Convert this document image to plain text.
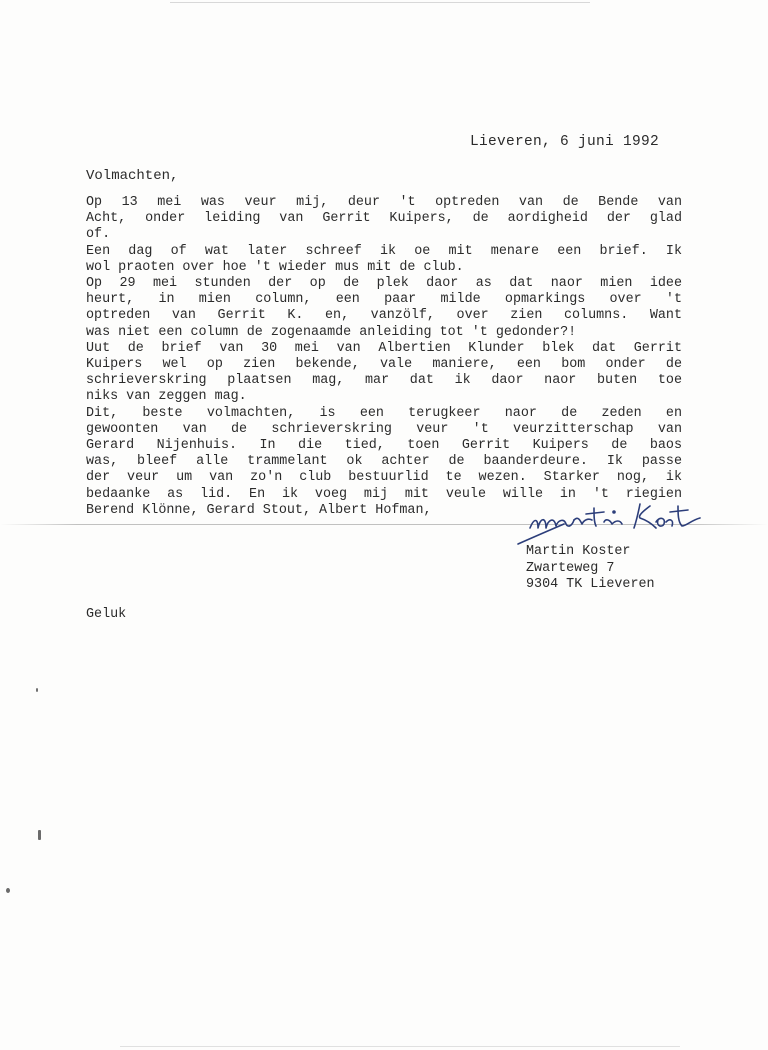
Lieveren, 6 juni 1992
Volmachten,
Op 13 mei was veur mij, deur 't optreden van de Bende van
Acht, onder leiding van Gerrit Kuipers, de aordigheid der glad
of.
Een dag of wat later schreef ik oe mit menare een brief. Ik
wol praoten over hoe 't wieder mus mit de club.
Op 29 mei stunden der op de plek daor as dat naor mien idee
heurt, in mien column, een paar milde opmarkings over 't
optreden van Gerrit K. en, vanzölf, over zien columns. Want
was niet een column de zogenaamde anleiding tot 't gedonder?!
Uut de brief van 30 mei van Albertien Klunder blek dat Gerrit
Kuipers wel op zien bekende, vale maniere, een bom onder de
schrieverskring plaatsen mag, mar dat ik daor naor buten toe
niks van zeggen mag.
Dit, beste volmachten, is een terugkeer naor de zeden en
gewoonten van de schrieverskring veur 't veurzitterschap van
Gerard Nijenhuis. In die tied, toen Gerrit Kuipers de baos
was, bleef alle trammelant ok achter de baanderdeure. Ik passe
der veur um van zo'n club bestuurlid te wezen. Starker nog, ik
bedaanke as lid. En ik voeg mij mit veule wille in 't riegien
Berend Klönne, Gerard Stout, Albert Hofman,
Martin Koster
Zwarteweg 7
9304 TK Lieveren
Geluk
